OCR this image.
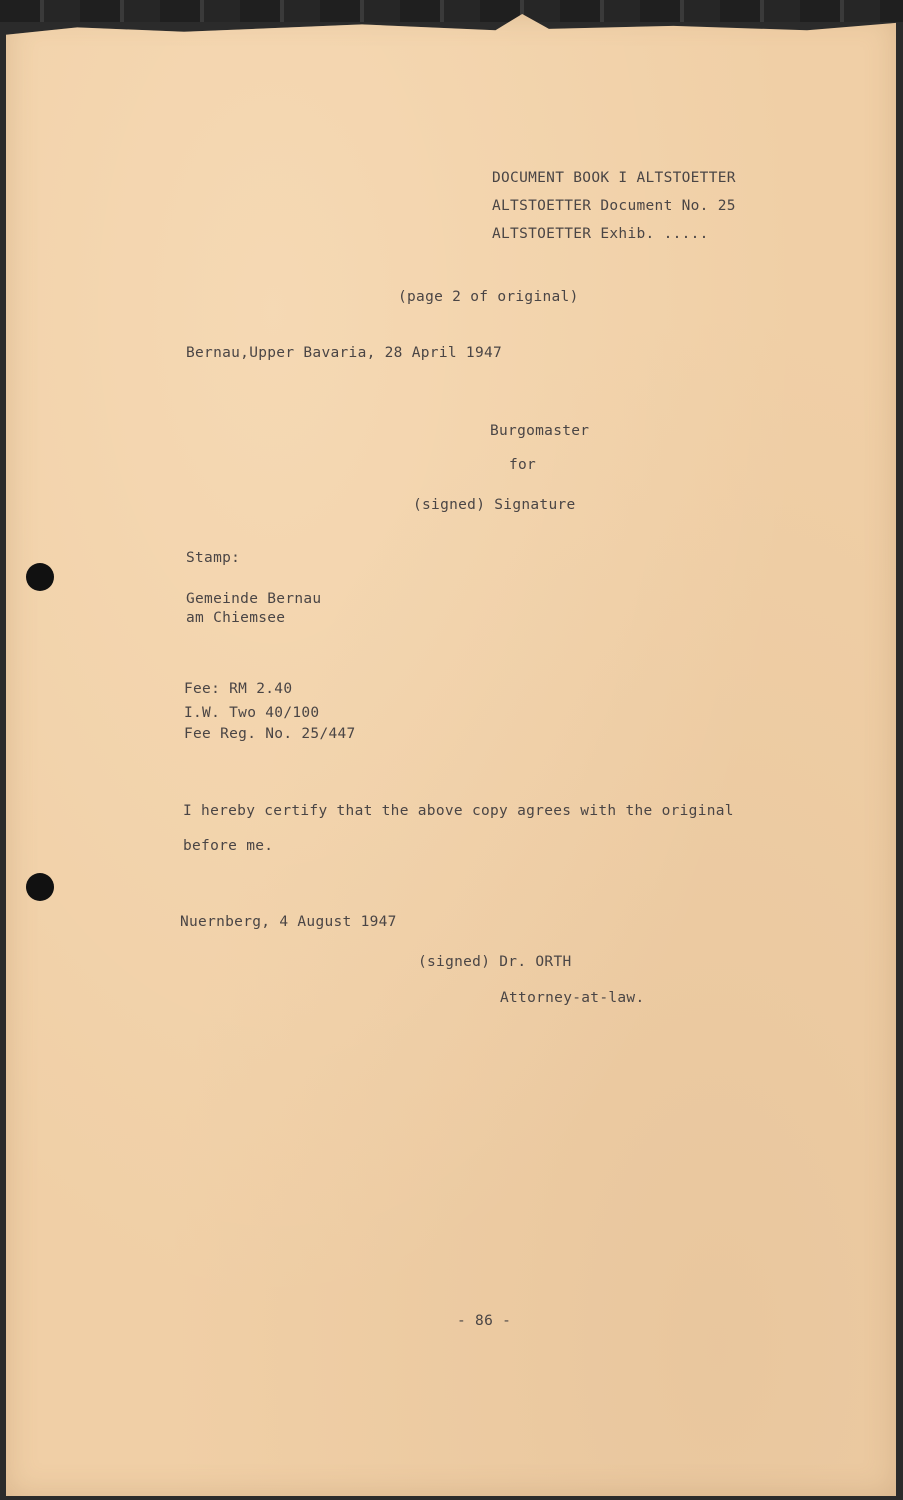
DOCUMENT BOOK I ALTSTOETTER
ALTSTOETTER Document No. 25
ALTSTOETTER Exhib. .....
(page 2 of original)
Bernau,Upper Bavaria, 28 April 1947
Burgomaster
for
(signed) Signature
Stamp:
Gemeinde Bernau
am Chiemsee
Fee: RM 2.40
I.W. Two 40/100
Fee Reg. No. 25/447
I hereby certify that the above copy agrees with the original
before me.
Nuernberg, 4 August 1947
(signed) Dr. ORTH
Attorney-at-law.
- 86 -
